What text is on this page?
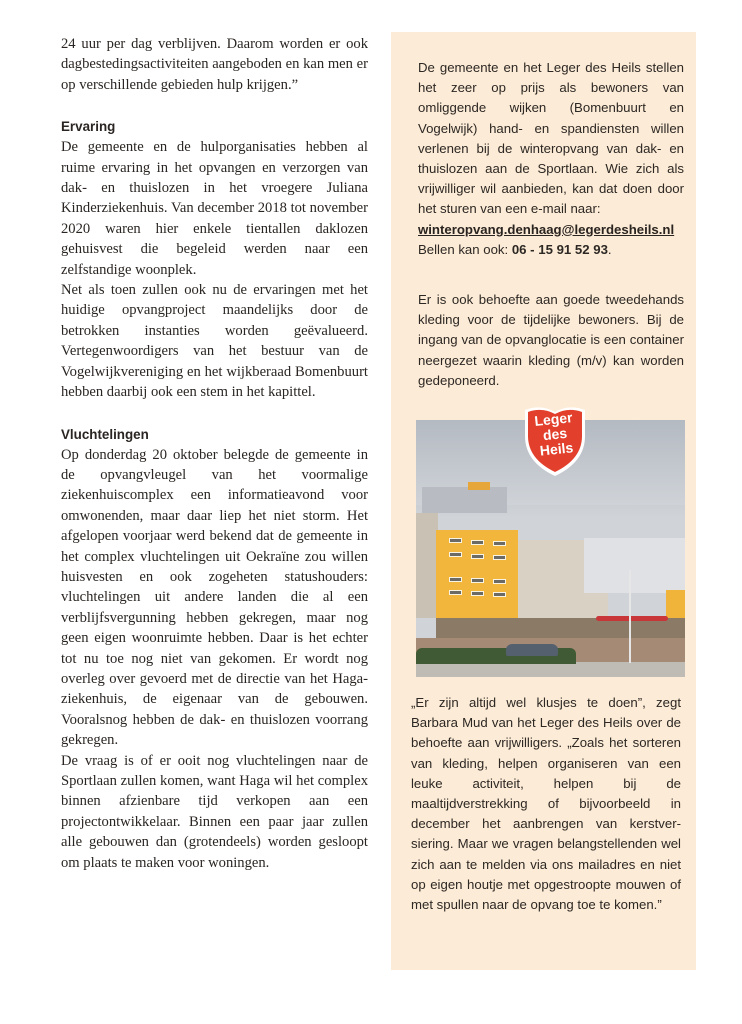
24 uur per dag verblijven. Daarom worden er ook dagbestedingsactiviteiten aangeboden en kan men er op verschillende gebieden hulp krijgen.”

Ervaring

De gemeente en de hulporganisaties hebben al ruime ervaring in het opvangen en verzorgen van dak- en thuislozen in het vroegere Juliana Kinderziekenhuis. Van december 2018 tot november 2020 waren hier enkele tientallen daklozen gehuisvest die begeleid werden naar een zelfstandige woonplek.

Net als toen zullen ook nu de ervaringen met het huidige opvangproject maandelijks door de betrokken instanties worden geëvalueerd. Vertegenwoordigers van het bestuur van de Vogelwijkvereniging en het wijkberaad Bomenbuurt hebben daarbij ook een stem in het kapittel.

Vluchtelingen

Op donderdag 20 oktober belegde de gemeente in de opvangvleugel van het voormalige ziekenhuiscomplex een informatieavond voor omwonenden, maar daar liep het niet storm. Het afgelopen voorjaar werd bekend dat de gemeente in het complex vluchtelingen uit Oekraïne zou willen huisvesten en ook zogeheten statushouders: vluchtelingen uit andere landen die al een verblijfsvergunning hebben gekregen, maar nog geen eigen woonruimte hebben. Daar is het echter tot nu toe nog niet van gekomen. Er wordt nog overleg over gevoerd met de directie van het Haga-ziekenhuis, de eigenaar van de gebouwen. Vooralsnog hebben de dak- en thuislozen voorrang gekregen.

De vraag is of er ooit nog vluchtelingen naar de Sportlaan zullen komen, want Haga wil het complex binnen afzienbare tijd verkopen aan een projectontwikkelaar. Binnen een paar jaar zullen alle gebouwen dan (grotendeels) worden gesloopt om plaats te maken voor woningen.

De gemeente en het Leger des Heils stellen het zeer op prijs als bewoners van omliggende wijken (Bomenbuurt en Vogelwijk) hand- en spandiensten willen verlenen bij de winteropvang van dak- en thuislozen aan de Sportlaan. Wie zich als vrijwilliger wil aanbieden, kan dat doen door het sturen van een e-mail naar:
winteropvang.denhaag@legerdesheils.nl
Bellen kan ook: 06 - 15 91 52 93.
Er is ook behoefte aan goede tweedehands kleding voor de tijdelijke bewoners. Bij de ingang van de opvanglocatie is een container neergezet waarin kleding (m/v) kan worden gedeponeerd.
Leger
des
Heils
„Er zijn altijd wel klusjes te doen”, zegt Barbara Mud van het Leger des Heils over de behoefte aan vrijwilligers. „Zoals het sorteren van kleding, helpen organiseren van een leuke activiteit, helpen bij de maaltijdverstrekking of bijvoorbeeld in december het aanbrengen van kerstversiering. Maar we vragen belangstellenden wel zich aan te melden via ons mailadres en niet op eigen houtje met opgestroopte mouwen of met spullen naar de opvang toe te komen.”
